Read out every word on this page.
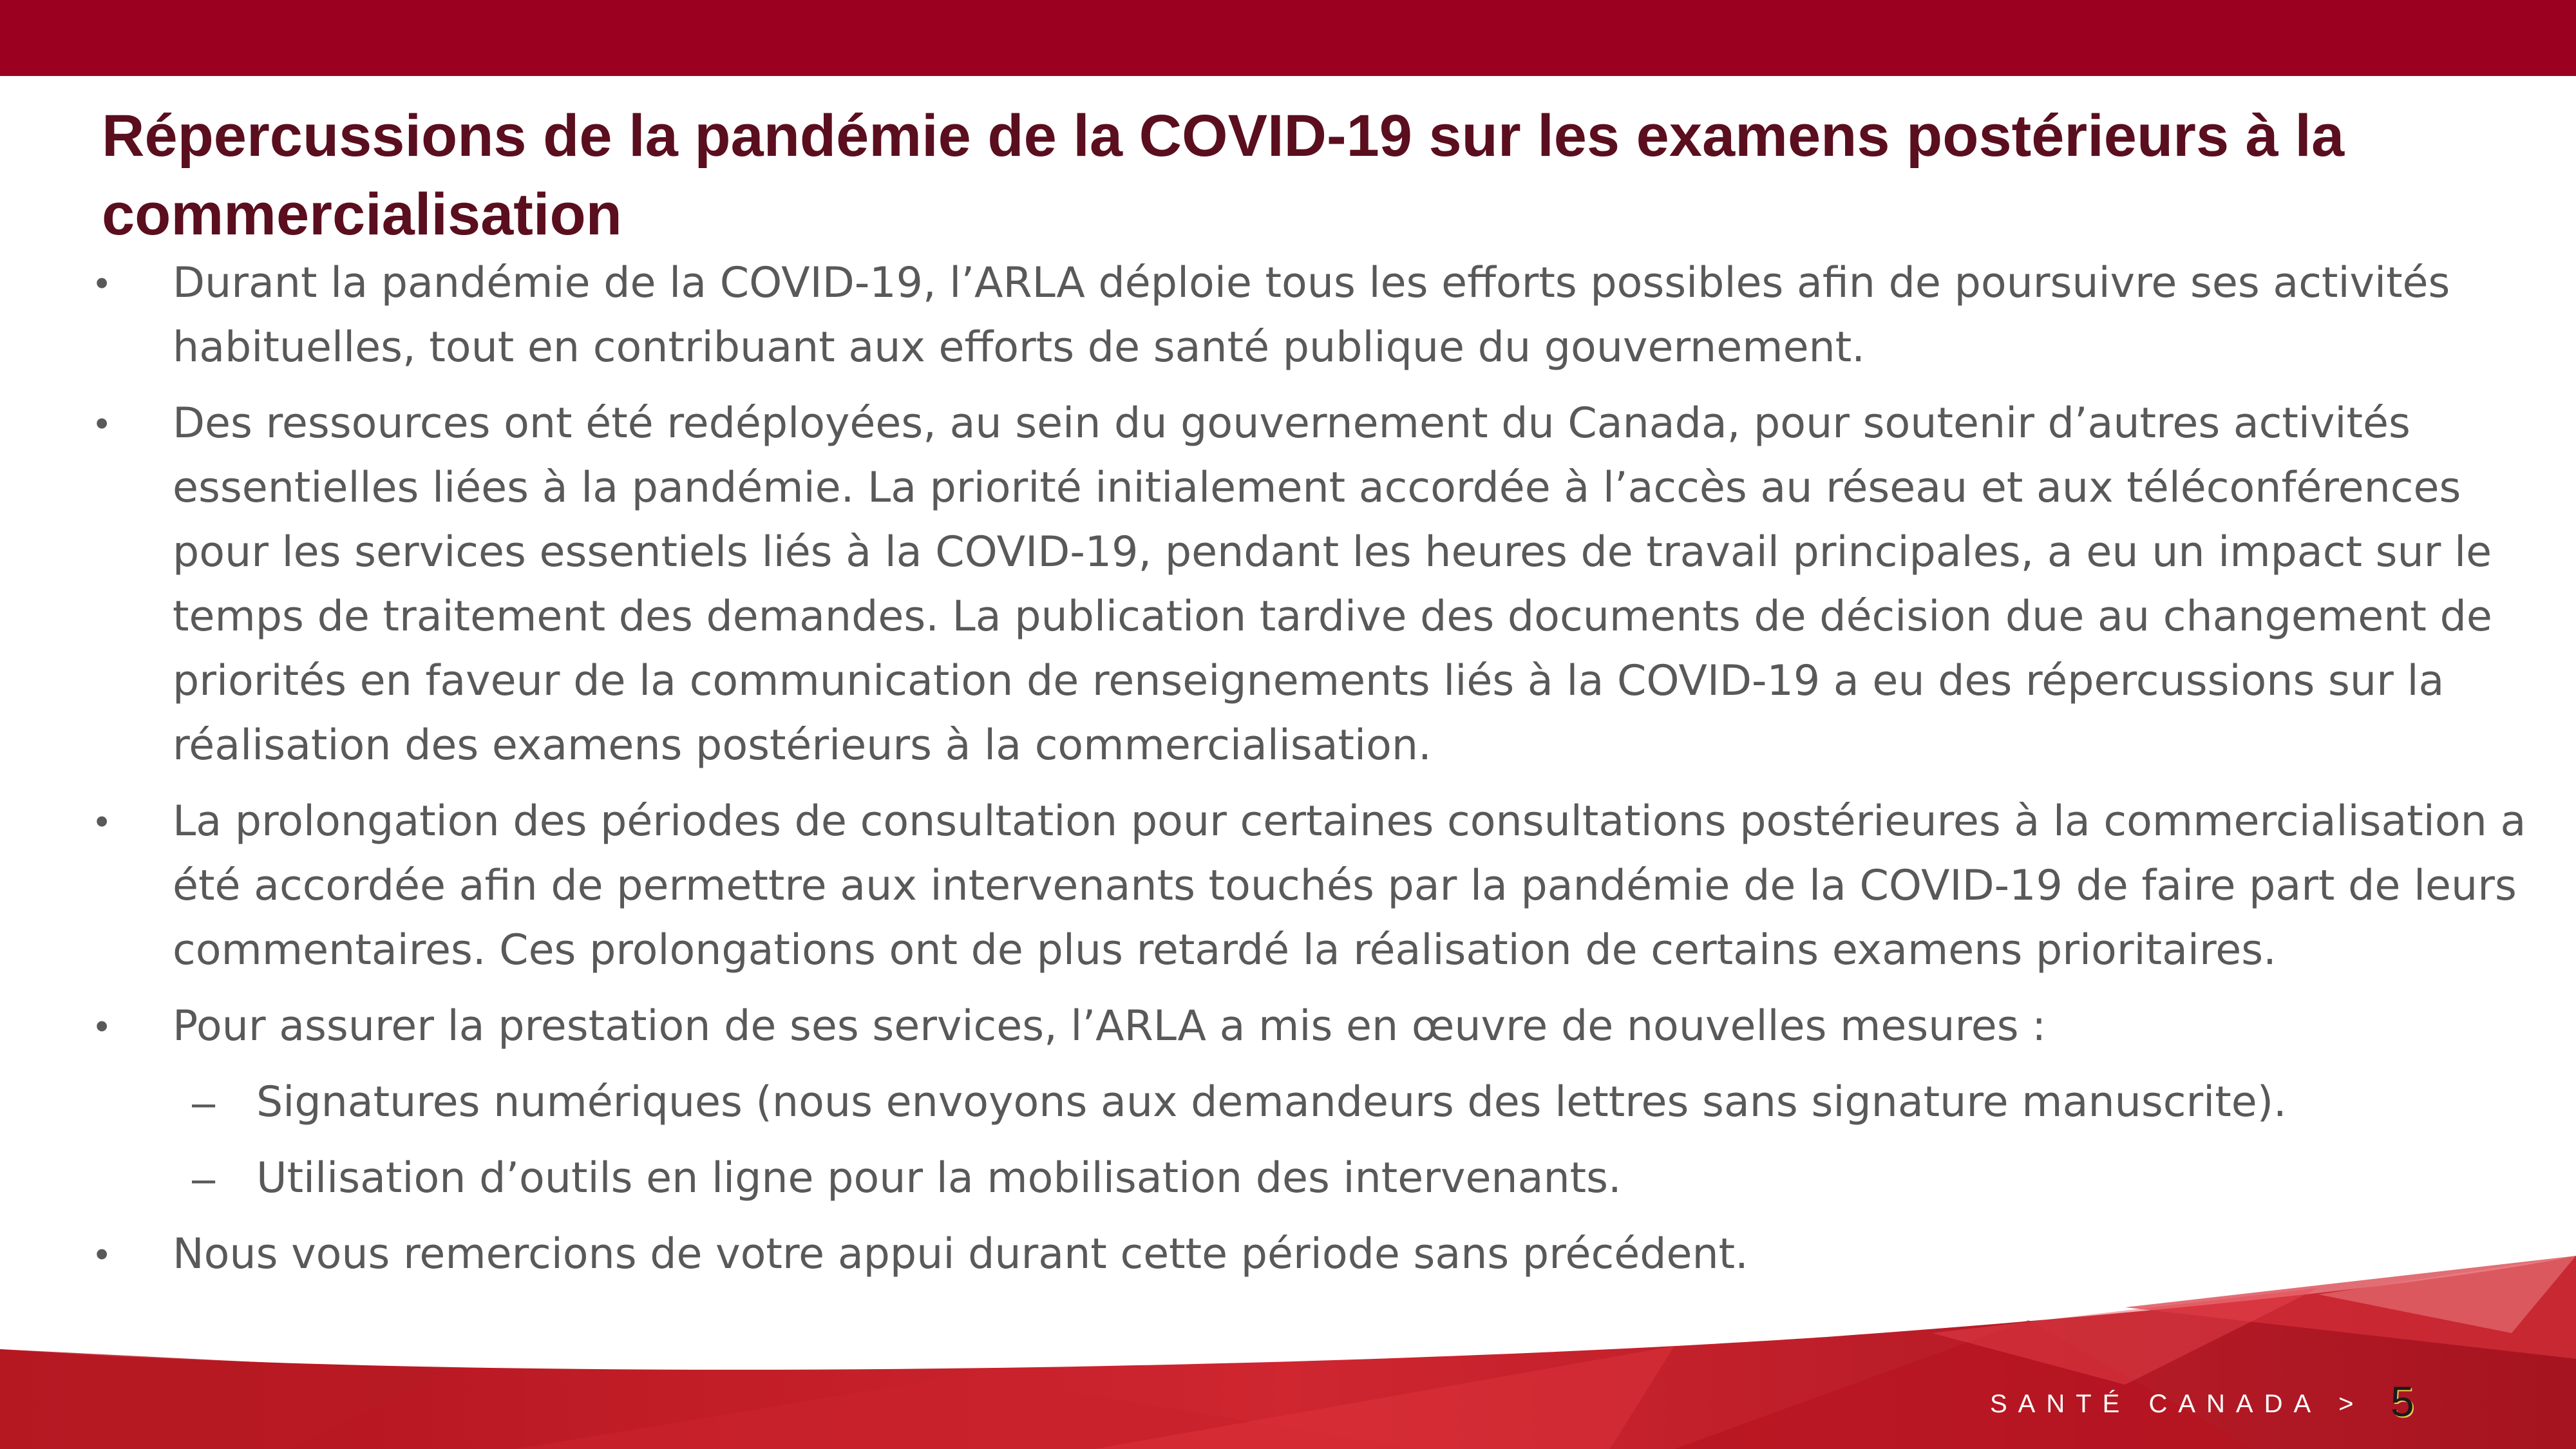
Répercussions de la pandémie de la COVID-19 sur les examens postérieurs à la commercialisation
•	Durant la pandémie de la COVID-19, l’ARLA déploie tous les efforts possibles afin de poursuivre ses activités habituelles, tout en contribuant aux efforts de santé publique du gouvernement.
•	Des ressources ont été redéployées, au sein du gouvernement du Canada, pour soutenir d’autres activités essentielles liées à la pandémie. La priorité initialement accordée à l’accès au réseau et aux téléconférences pour les services essentiels liés à la COVID-19, pendant les heures de travail principales, a eu un impact sur le temps de traitement des demandes. La publication tardive des documents de décision due au changement de priorités en faveur de la communication de renseignements liés à la COVID-19 a eu des répercussions sur la réalisation des examens postérieurs à la commercialisation.
•	La prolongation des périodes de consultation pour certaines consultations postérieures à la commercialisation a été accordée afin de permettre aux intervenants touchés par la pandémie de la COVID-19 de faire part de leurs commentaires. Ces prolongations ont de plus retardé la réalisation de certains examens prioritaires.
•	Pour assurer la prestation de ses services, l’ARLA a mis en œuvre de nouvelles mesures :
– Signatures numériques (nous envoyons aux demandeurs des lettres sans signature manuscrite).
– Utilisation d’outils en ligne pour la mobilisation des intervenants.
•	Nous vous remercions de votre appui durant cette période sans précédent.
SANTÉ CANADA > 5
